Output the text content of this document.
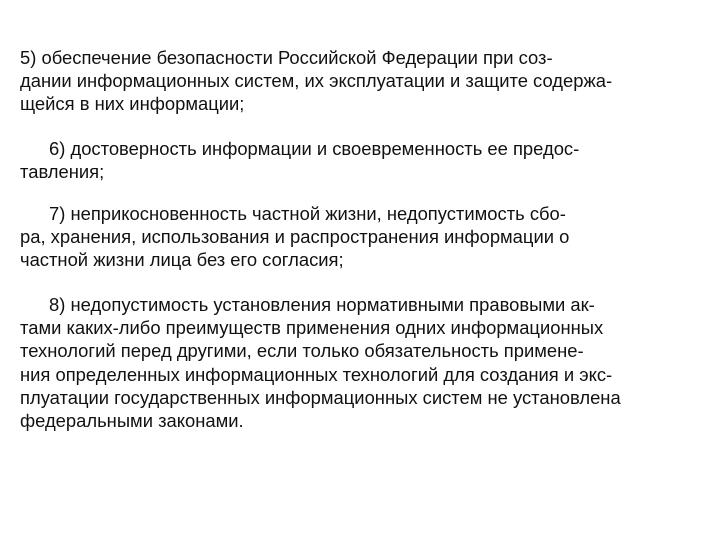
5) обеспечение безопасности Российской Федерации при соз-
дании информационных систем, их эксплуатации и защите содержа-
щейся в них информации;

6) достоверность информации и своевременность ее предос-
тавления;

7) неприкосновенность частной жизни, недопустимость сбо-
ра, хранения, использования и распространения информации о
частной жизни лица без его согласия;

8) недопустимость установления нормативными правовыми ак-
тами каких-либо преимуществ применения одних информационных
технологий перед другими, если только обязательность примене-
ния определенных информационных технологий для создания и экс-
плуатации государственных информационных систем не установлена
федеральными законами.
